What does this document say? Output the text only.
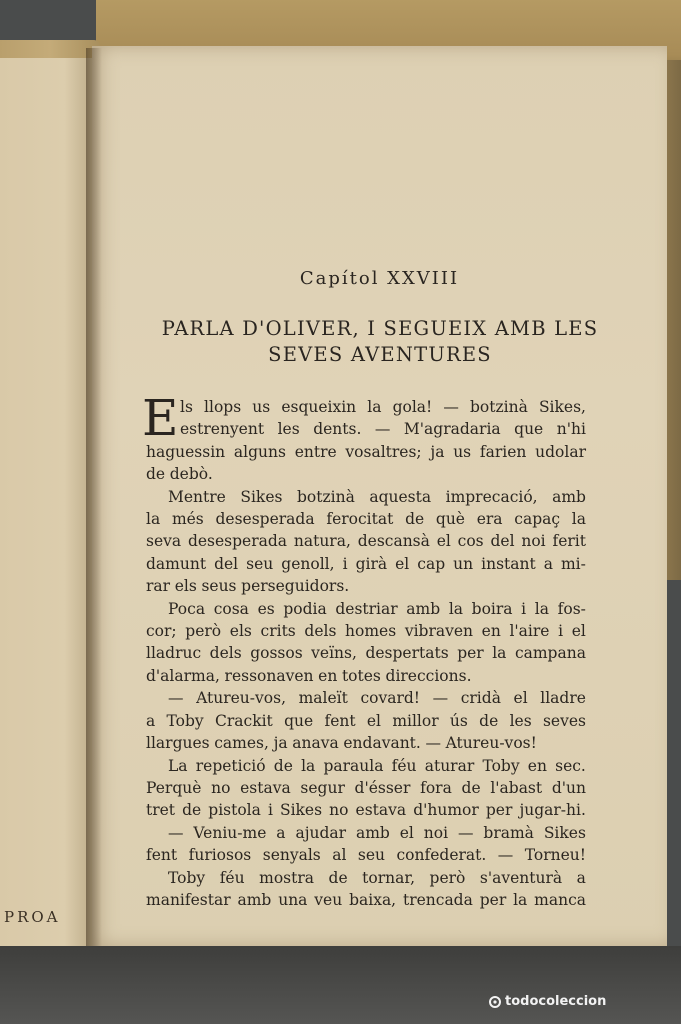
PROA
Capítol XXVIII
PARLA D'OLIVER, I SEGUEIX AMB LES
SEVES AVENTURES
E ls llops us esqueixin la gola! — botzinà Sikes,
estrenyent les dents. — M'agradaria que n'hi
haguessin alguns entre vosaltres; ja us farien udolar
de debò.
Mentre Sikes botzinà aquesta imprecació, amb
la més desesperada ferocitat de què era capaç la
seva desesperada natura, descansà el cos del noi ferit
damunt del seu genoll, i girà el cap un instant a mi-
rar els seus perseguidors.
Poca cosa es podia destriar amb la boira i la fos-
cor; però els crits dels homes vibraven en l'aire i el
lladruc dels gossos veïns, despertats per la campana
d'alarma, ressonaven en totes direccions.
— Atureu-vos, maleït covard! — cridà el lladre
a Toby Crackit que fent el millor ús de les seves
llargues cames, ja anava endavant. — Atureu-vos!
La repetició de la paraula féu aturar Toby en sec.
Perquè no estava segur d'ésser fora de l'abast d'un
tret de pistola i Sikes no estava d'humor per jugar-hi.
— Veniu-me a ajudar amb el noi — bramà Sikes
fent furiosos senyals al seu confederat. — Torneu!
Toby féu mostra de tornar, però s'aventurà a
manifestar amb una veu baixa, trencada per la manca
todocoleccion
